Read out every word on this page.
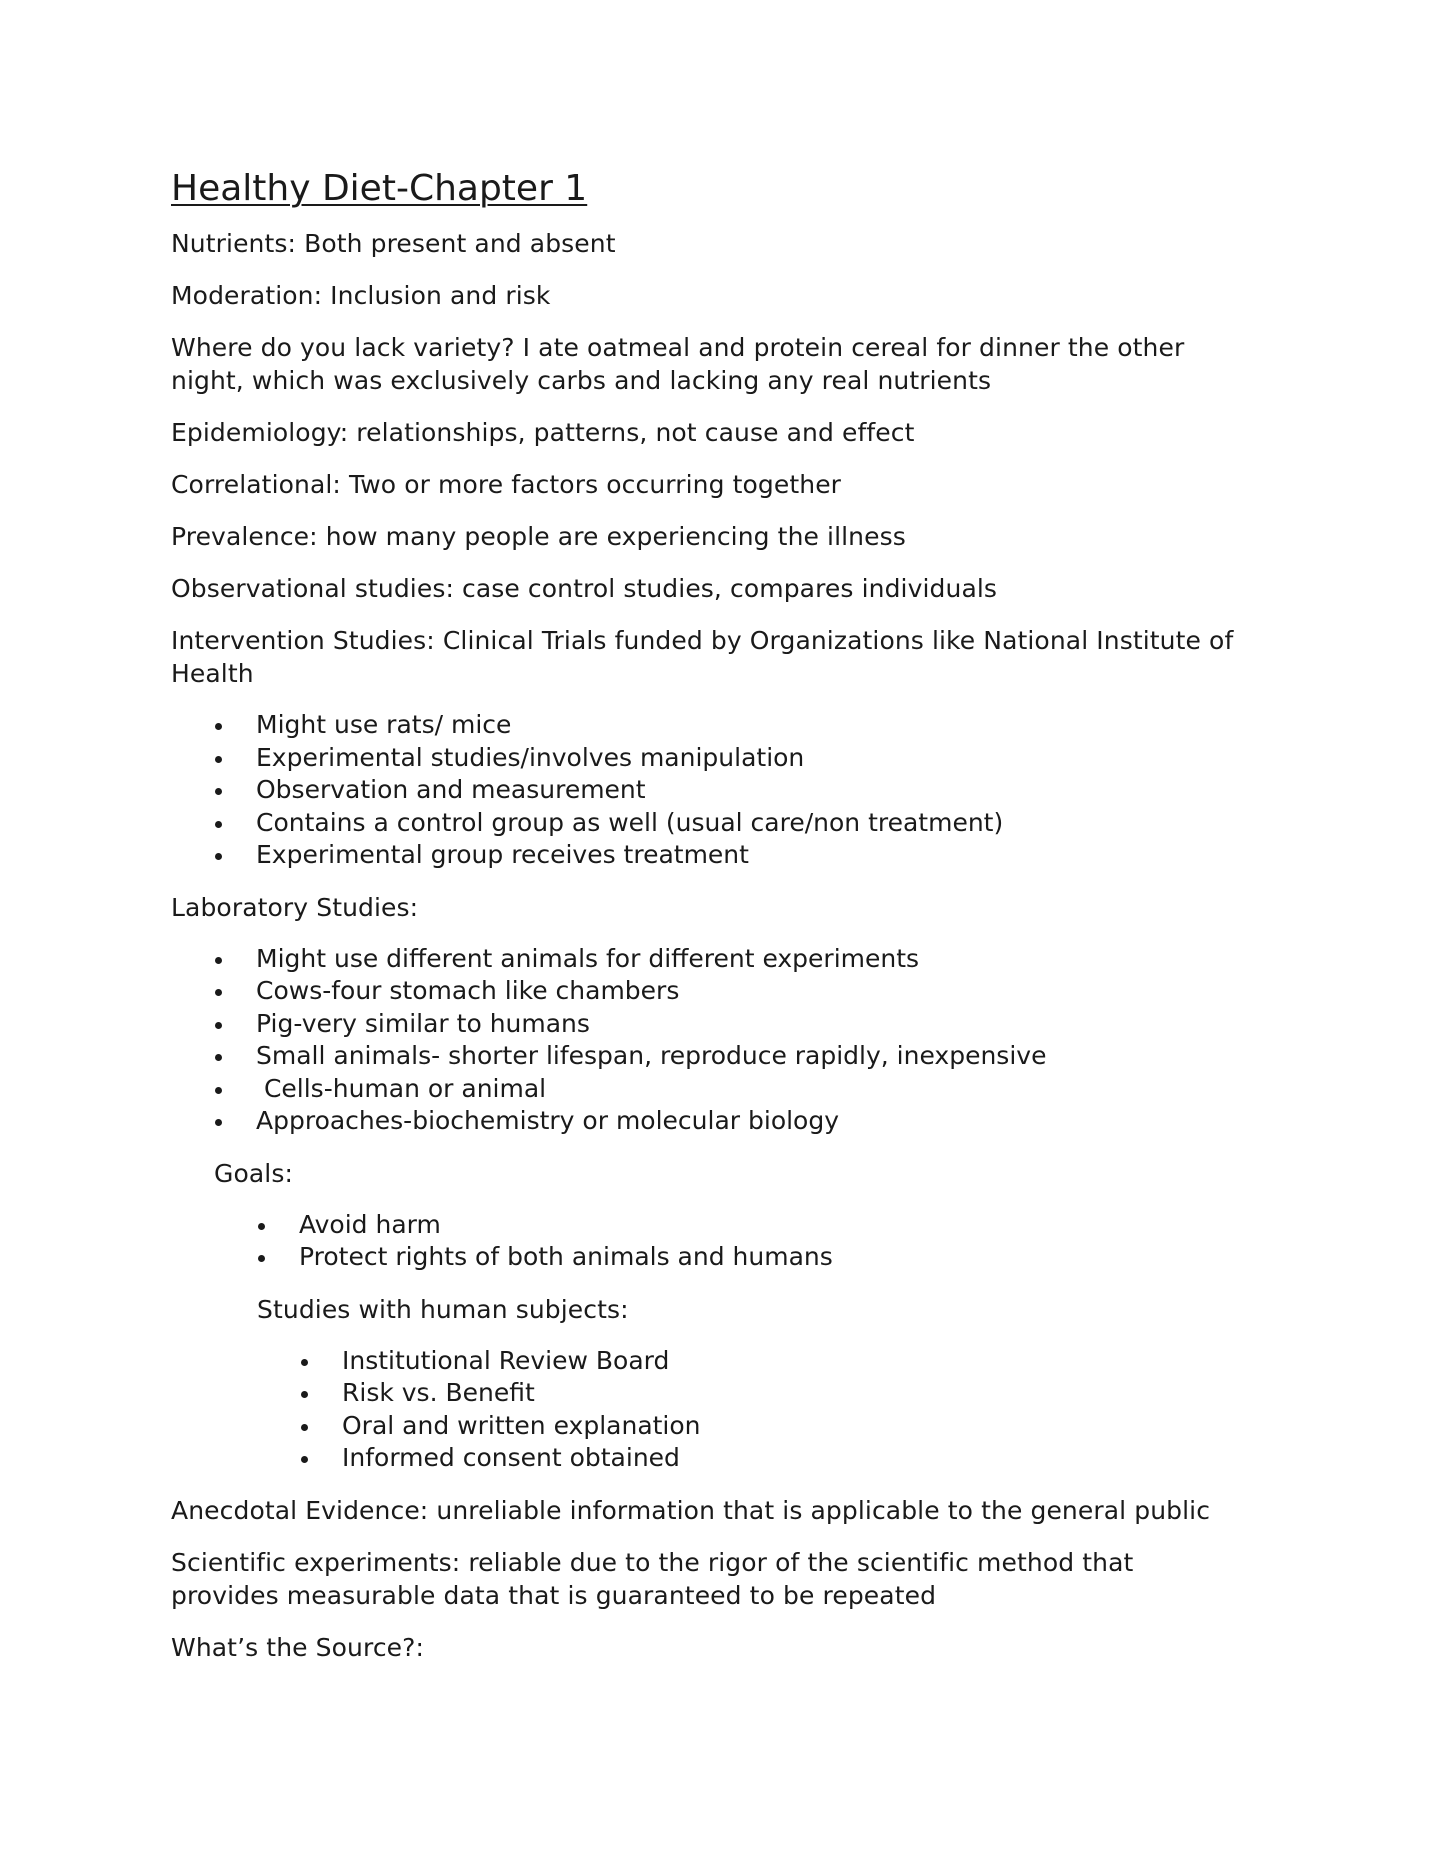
Healthy Diet-Chapter 1

Nutrients: Both present and absent

Moderation: Inclusion and risk

Where do you lack variety? I ate oatmeal and protein cereal for dinner the other night, which was exclusively carbs and lacking any real nutrients

Epidemiology: relationships, patterns, not cause and effect

Correlational: Two or more factors occurring together

Prevalence: how many people are experiencing the illness

Observational studies: case control studies, compares individuals

Intervention Studies: Clinical Trials funded by Organizations like National Institute of Health

Might use rats/ mice
Experimental studies/involves manipulation
Observation and measurement
Contains a control group as well (usual care/non treatment)
Experimental group receives treatment

Laboratory Studies:

Might use different animals for different experiments
Cows-four stomach like chambers
Pig-very similar to humans
Small animals- shorter lifespan, reproduce rapidly, inexpensive
Cells-human or animal
Approaches-biochemistry or molecular biology

Goals:

Avoid harm
Protect rights of both animals and humans

Studies with human subjects:

Institutional Review Board
Risk vs. Benefit
Oral and written explanation
Informed consent obtained

Anecdotal Evidence: unreliable information that is applicable to the general public

Scientific experiments: reliable due to the rigor of the scientific method that provides measurable data that is guaranteed to be repeated

What’s the Source?:
